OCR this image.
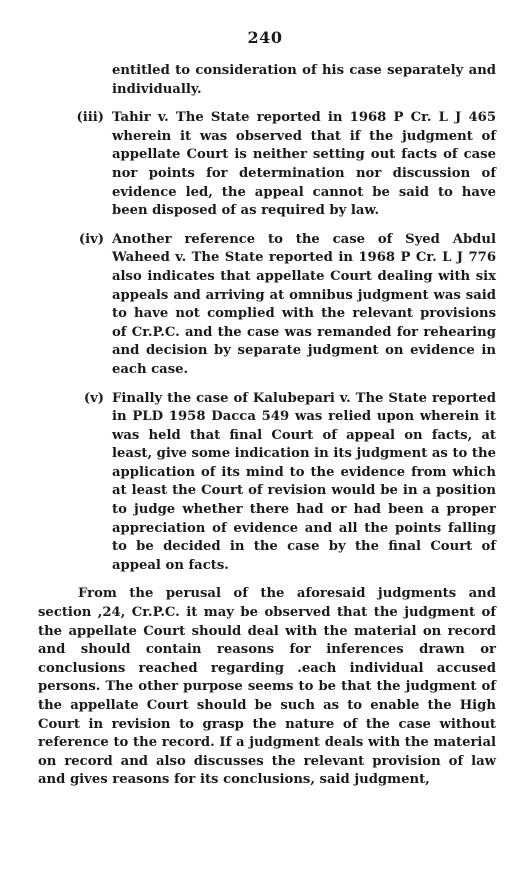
240
entitled to consideration of his case separately and individually.
(iii) Tahir v. The State reported in 1968 P Cr. L J 465 wherein it was observed that if the judgment of appellate Court is neither setting out facts of case nor points for determination nor discussion of evidence led, the appeal cannot be said to have been disposed of as required by law.
(iv) Another reference to the case of Syed Abdul Waheed v. The State reported in 1968 P Cr. L J 776 also indicates that appellate Court dealing with six appeals and arriving at omnibus judgment was said to have not complied with the relevant provisions of Cr.P.C. and the case was remanded for rehearing and decision by separate judgment on evidence in each case.
(v) Finally the case of Kalubepari v. The State reported in PLD 1958 Dacca 549 was relied upon wherein it was held that final Court of appeal on facts, at least, give some indication in its judgment as to the application of its mind to the evidence from which at least the Court of revision would be in a position to judge whether there had or had been a proper appreciation of evidence and all the points falling to be decided in the case by the final Court of appeal on facts.
From the perusal of the aforesaid judgments and section ,24, Cr.P.C. it may be observed that the judgment of the appellate Court should deal with the material on record and should contain reasons for inferences drawn or conclusions reached regarding .each individual accused persons. The other purpose seems to be that the judgment of the appellate Court should be such as to enable the High Court in revision to grasp the nature of the case without reference to the record. If a judgment deals with the material on record and also discusses the relevant provision of law and gives reasons for its conclusions, said judgment,
